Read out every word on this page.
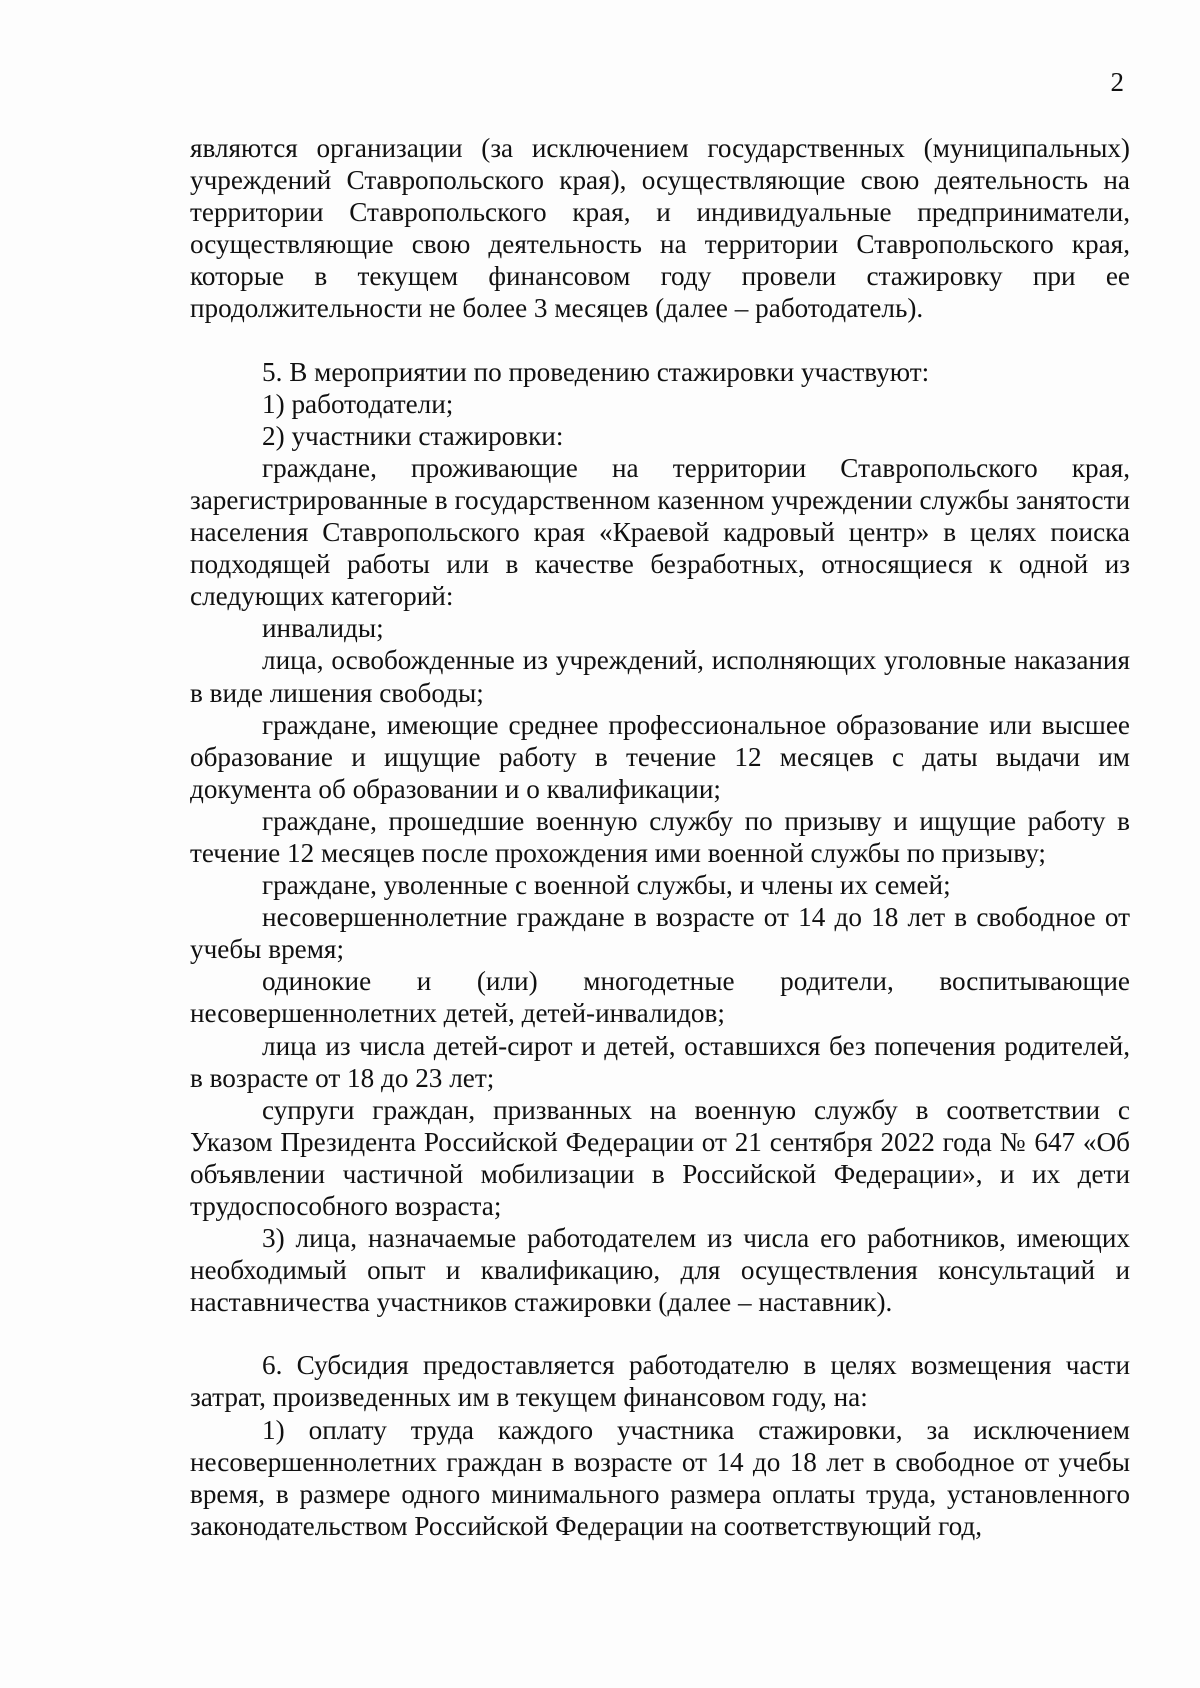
2

являются организации (за исключением государственных (муниципальных) учреждений Ставропольского края), осуществляющие свою деятельность на территории Ставропольского края, и индивидуальные предприниматели, осуществляющие свою деятельность на территории Ставропольского края, которые в текущем финансовом году провели стажировку при ее продолжительности не более 3 месяцев (далее – работодатель).

5. В мероприятии по проведению стажировки участвуют:

1) работодатели;

2) участники стажировки:

граждане, проживающие на территории Ставропольского края, зарегистрированные в государственном казенном учреждении службы занятости населения Ставропольского края «Краевой кадровый центр» в целях поиска подходящей работы или в качестве безработных, относящиеся к одной из следующих категорий:

инвалиды;

лица, освобожденные из учреждений, исполняющих уголовные наказания в виде лишения свободы;

граждане, имеющие среднее профессиональное образование или высшее образование и ищущие работу в течение 12 месяцев с даты выдачи им документа об образовании и о квалификации;

граждане, прошедшие военную службу по призыву и ищущие работу в течение 12 месяцев после прохождения ими военной службы по призыву;

граждане, уволенные с военной службы, и члены их семей;

несовершеннолетние граждане в возрасте от 14 до 18 лет в свободное от учебы время;

одинокие и (или) многодетные родители, воспитывающие несовершеннолетних детей, детей-инвалидов;

лица из числа детей-сирот и детей, оставшихся без попечения родителей, в возрасте от 18 до 23 лет;

супруги граждан, призванных на военную службу в соответствии с Указом Президента Российской Федерации от 21 сентября 2022 года № 647 «Об объявлении частичной мобилизации в Российской Федерации», и их дети трудоспособного возраста;

3) лица, назначаемые работодателем из числа его работников, имеющих необходимый опыт и квалификацию, для осуществления консультаций и наставничества участников стажировки (далее – наставник).

6. Субсидия предоставляется работодателю в целях возмещения части затрат, произведенных им в текущем финансовом году, на:

1) оплату труда каждого участника стажировки, за исключением несовершеннолетних граждан в возрасте от 14 до 18 лет в свободное от учебы время, в размере одного минимального размера оплаты труда, установленного законодательством Российской Федерации на соответствующий год,
